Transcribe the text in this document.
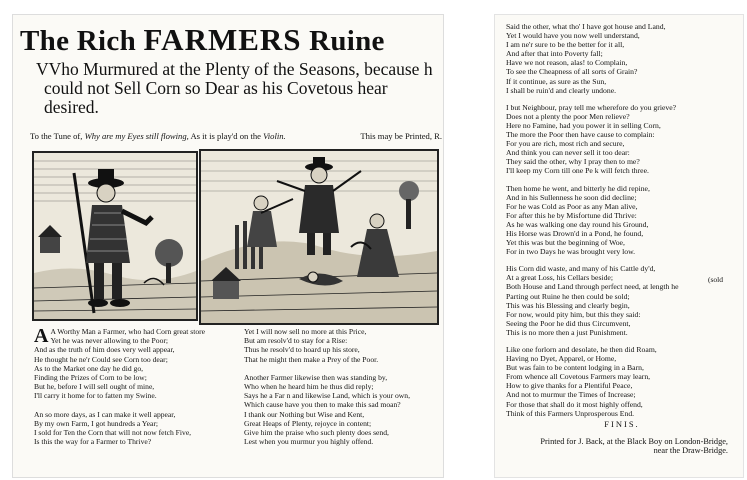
The Rich FARMERS Ruine
VVho Murmured at the Plenty of the Seasons, because h
could not Sell Corn so Dear as his Covetous hear
desired.
To the Tune of, Why are my Eyes still flowing, As it is play'd on the Violin.	This may be Printed, R.
A A Worthy Man a Farmer, who had Corn great store
Yet he was never allowing to the Poor;
And as the truth of him does very well appear,
He thought he ne'r Could see Corn too dear;
As to the Market one day he did go,
Finding the Prizes of Corn to be low;
But he, before I will sell ought of mine,
I'll carry it home for to fatten my Swine.
An so more days, as I can make it well appear,
By my own Farm, I got hundreds a Year;
I sold for Ten the Corn that will not now fetch Five,
Is this the way for a Farmer to Thrive?
Yet I will now sell no more at this Price,
But am resolv'd to stay for a Rise:
Thus he resolv'd to hoard up his store,
That he might then make a Prey of the Poor.
Another Farmer likewise then was standing by,
Who when he heard him he thus did reply;
Says he a Far n and likewise Land, which is your own,
Which cause have you then to make this sad moan?
I thank our Nothing but Wise and Kent,
Great Heaps of Plenty, rejoyce in content;
Give him the praise who such plenty does send,
Lest when you murmur you highly offend.
Said the other, what tho' I have got house and Land,
Yet I would have you now well understand,
I am ne'r sure to be the better for it all,
And after that into Poverty fall;
Have we not reason, alas! to Complain,
To see the Cheapness of all sorts of Grain?
If it continue, as sure as the Sun,
I shall be ruin'd and clearly undone.
I but Neighbour, pray tell me wherefore do you grieve?
Does not a plenty the poor Men relieve?
Here no Famine, had you power it in selling Corn,
The more the Poor then have cause to complain:
For you are rich, most rich and secure,
And think you can never sell it too dear:
They said the other, why I pray then to me?
I'll keep my Corn till one Pe k will fetch three.
Then home he went, and bitterly he did repine,
And in his Sullenness he soon did decline;
For he was Cold as Poor as any Man alive,
For after this he by Misfortune did Thrive:
As he was walking one day round his Ground,
His Horse was Drown'd in a Pond, he found,
Yet this was but the beginning of Woe,
For in two Days he was brought very low.
His Corn did waste, and many of his Cattle dy'd,
At a great Loss, his Cellars beside;
Both House and Land through perfect need, at length he
Parting out Ruine he then could be sold;
This was his Blessing and clearly begin,
For now, would pity him, but this they said:
Seeing the Poor he did thus Circumvent,
This is no more then a just Punishment.
Like one forlorn and desolate, he then did Roam,
Having no Dyet, Apparel, or Home,
But was fain to be content lodging in a Barn,
From whence all Covetous Farmers may learn,
How to give thanks for a Plentiful Peace,
And not to murmur the Times of Increase;
For those that shall do it most highly offend,
Think of this Farmers Unprosperous End.
FINIS.
Printed for J. Back, at the Black Boy on London-Bridge,
near the Draw-Bridge.
(sold
